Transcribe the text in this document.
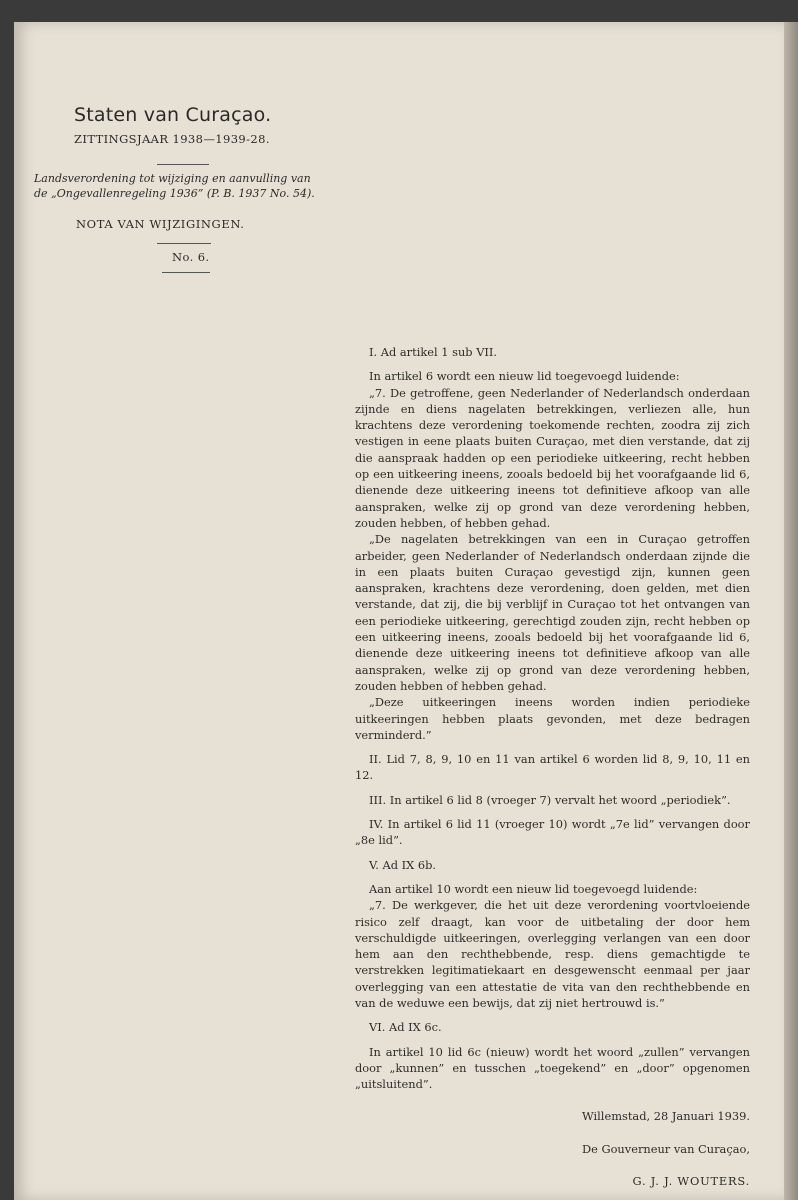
Staten van Curaçao.
ZITTINGSJAAR 1938—1939-28.
Landsverordening tot wijziging en aanvulling van de „Ongevallenregeling 1936” (P. B. 1937 No. 54).
NOTA VAN WIJZIGINGEN.
No. 6.

I. Ad artikel 1 sub VII.

In artikel 6 wordt een nieuw lid toegevoegd luidende:

„7. De getroffene, geen Nederlander of Nederlandsch onderdaan zijnde en diens nagelaten betrekkingen, verliezen alle, hun krachtens deze verordening toekomende rechten, zoodra zij zich vestigen in eene plaats buiten Curaçao, met dien verstande, dat zij die aanspraak hadden op een periodieke uitkeering, recht hebben op een uitkeering ineens, zooals bedoeld bij het voorafgaande lid 6, dienende deze uitkeering ineens tot definitieve afkoop van alle aanspraken, welke zij op grond van deze verordening hebben, zouden hebben, of hebben gehad.

„De nagelaten betrekkingen van een in Curaçao getroffen arbeider, geen Nederlander of Nederlandsch onderdaan zijnde die in een plaats buiten Curaçao gevestigd zijn, kunnen geen aanspraken, krachtens deze verordening, doen gelden, met dien verstande, dat zij, die bij verblijf in Curaçao tot het ontvangen van een periodieke uitkeering, gerechtigd zouden zijn, recht hebben op een uitkeering ineens, zooals bedoeld bij het voorafgaande lid 6, dienende deze uitkeering ineens tot definitieve afkoop van alle aanspraken, welke zij op grond van deze verordening hebben, zouden hebben of hebben gehad.

„Deze uitkeeringen ineens worden indien periodieke uitkeeringen hebben plaats gevonden, met deze bedragen verminderd.”

II. Lid 7, 8, 9, 10 en 11 van artikel 6 worden lid 8, 9, 10, 11 en 12.

III. In artikel 6 lid 8 (vroeger 7) vervalt het woord „periodiek”.

IV. In artikel 6 lid 11 (vroeger 10) wordt „7e lid” vervangen door „8e lid”.

V. Ad IX 6b.

Aan artikel 10 wordt een nieuw lid toegevoegd luidende:

„7. De werkgever, die het uit deze verordening voortvloeiende risico zelf draagt, kan voor de uitbetaling der door hem verschuldigde uitkeeringen, overlegging verlangen van een door hem aan den rechthebbende, resp. diens gemachtigde te verstrekken legitimatiekaart en desgewenscht eenmaal per jaar overlegging van een attestatie de vita van den rechthebbende en van de weduwe een bewijs, dat zij niet hertrouwd is.”

VI. Ad IX 6c.

In artikel 10 lid 6c (nieuw) wordt het woord „zullen” vervangen door „kunnen” en tusschen „toegekend” en „door” opgenomen „uitsluitend”.

Willemstad, 28 Januari 1939.

De Gouverneur van Curaçao,

G. J. J. WOUTERS.
